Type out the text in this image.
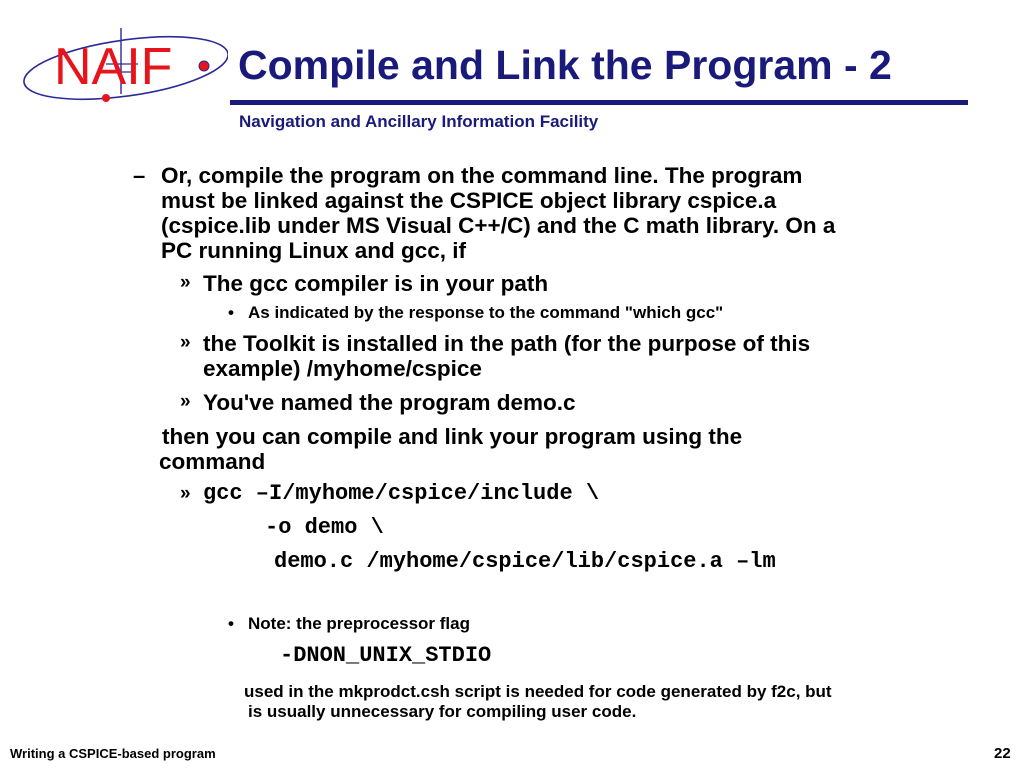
NAIF Compile and Link the Program - 2
Navigation and Ancillary Information Facility
– Or, compile the program on the command line. The program
must be linked against the CSPICE object library cspice.a
(cspice.lib under MS Visual C++/C) and the C math library. On a
PC running Linux and gcc, if
» The gcc compiler is in your path
• As indicated by the response to the command "which gcc"
» the Toolkit is installed in the path (for the purpose of this
example) /myhome/cspice
» You've named the program demo.c
then you can compile and link your program using the
command
» gcc –I/myhome/cspice/include \
-o demo \
demo.c /myhome/cspice/lib/cspice.a –lm
• Note: the preprocessor flag
-DNON_UNIX_STDIO
used in the mkprodct.csh script is needed for code generated by f2c, but
is usually unnecessary for compiling user code.
Writing a CSPICE-based program	22
